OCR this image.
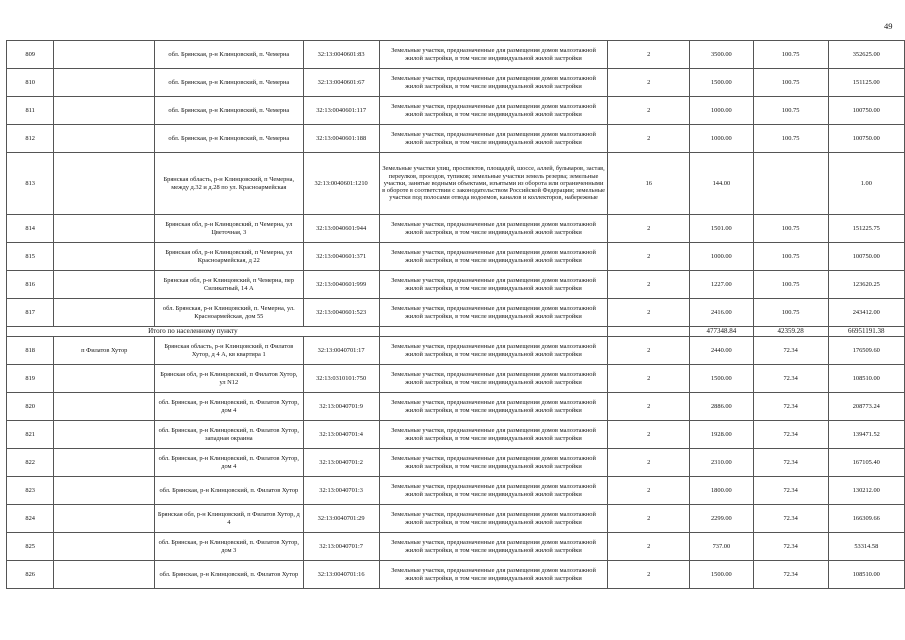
49
809		обл. Брянская, р-н Клинцовский, п. Чемерна	32:13:0040601:83	Земельные участки, предназначенные для размещения домов малоэтажной жилой застройки, в том числе индивидуальной жилой застройки	2	3500.00	100.75	352625.00
810		обл. Брянская, р-н Клинцовский, п. Чемерна	32:13:0040601:67	Земельные участки, предназначенные для размещения домов малоэтажной жилой застройки, в том числе индивидуальной жилой застройки	2	1500.00	100.75	151125.00
811		обл. Брянская, р-н Клинцовский, п. Чемерна	32:13:0040601:117	Земельные участки, предназначенные для размещения домов малоэтажной жилой застройки, в том числе индивидуальной жилой застройки	2	1000.00	100.75	100750.00
812		обл. Брянская, р-н Клинцовский, п. Чемерна	32:13:0040601:188	Земельные участки, предназначенные для размещения домов малоэтажной жилой застройки, в том числе индивидуальной жилой застройки	2	1000.00	100.75	100750.00
813		Брянская область, р-н Клинцовский, п Чемерна, между д.32 и д.28 по ул. Красноармейская	32:13:0040601:1210	Земельные участки улиц, проспектов, площадей, шоссе, аллей, бульваров, застав, переулков, проездов, тупиков; земельные участки земель резерва; земельные участки, занятые водными объектами, изъятыми из оборота или ограниченными в обороте в соответствии с законодательством Российской Федерации; земельные участки под полосами отвода водоемов, каналов и коллекторов, набережные	16	144.00		1.00
814		Брянская обл, р-н Клинцовский, п Чемерна, ул Цветочная, 3	32:13:0040601:944	Земельные участки, предназначенные для размещения домов малоэтажной жилой застройки, в том числе индивидуальной жилой застройки	2	1501.00	100.75	151225.75
815		Брянская обл, р-н Клинцовский, п Чемерна, ул Красноармейская, д 22	32:13:0040601:371	Земельные участки, предназначенные для размещения домов малоэтажной жилой застройки, в том числе индивидуальной жилой застройки	2	1000.00	100.75	100750.00
816		Брянская обл, р-н Клинцовский, п Чемерна, пер Силикатный, 14 А	32:13:0040601:999	Земельные участки, предназначенные для размещения домов малоэтажной жилой застройки, в том числе индивидуальной жилой застройки	2	1227.00	100.75	123620.25
817		обл. Брянская, р-н Клинцовский, п. Чемерна, ул. Красноармейская, дом 55	32:13:0040601:523	Земельные участки, предназначенные для размещения домов малоэтажной жилой застройки, в том числе индивидуальной жилой застройки	2	2416.00	100.75	243412.00
Итого по населенному пункту						477348.84	42359.28	66951191.38
818	п Филатов Хутор	Брянская область, р-н Клинцовский, п Филатов Хутор, д 4 А, кв квартира 1	32:13:0040701:17	Земельные участки, предназначенные для размещения домов малоэтажной жилой застройки, в том числе индивидуальной жилой застройки	2	2440.00	72.34	176509.60
819		Брянская обл, р-н Клинцовский, п Филатов Хутор, ул N12	32:13:0310101:750	Земельные участки, предназначенные для размещения домов малоэтажной жилой застройки, в том числе индивидуальной жилой застройки	2	1500.00	72.34	108510.00
820		обл. Брянская, р-н Клинцовский, п. Филатов Хутор, дом 4	32:13:0040701:9	Земельные участки, предназначенные для размещения домов малоэтажной жилой застройки, в том числе индивидуальной жилой застройки	2	2886.00	72.34	208773.24
821		обл. Брянская, р-н Клинцовский, п. Филатов Хутор, западная окраина	32:13:0040701:4	Земельные участки, предназначенные для размещения домов малоэтажной жилой застройки, в том числе индивидуальной жилой застройки	2	1928.00	72.34	139471.52
822		обл. Брянская, р-н Клинцовский, п. Филатов Хутор, дом 4	32:13:0040701:2	Земельные участки, предназначенные для размещения домов малоэтажной жилой застройки, в том числе индивидуальной жилой застройки	2	2310.00	72.34	167105.40
823		обл. Брянская, р-н Клинцовский, п. Филатов Хутор	32:13:0040701:3	Земельные участки, предназначенные для размещения домов малоэтажной жилой застройки, в том числе индивидуальной жилой застройки	2	1800.00	72.34	130212.00
824		Брянская обл, р-н Клинцовский, п Филатов Хутор, д 4	32:13:0040701:29	Земельные участки, предназначенные для размещения домов малоэтажной жилой застройки, в том числе индивидуальной жилой застройки	2	2299.00	72.34	166309.66
825		обл. Брянская, р-н Клинцовский, п. Филатов Хутор, дом 3	32:13:0040701:7	Земельные участки, предназначенные для размещения домов малоэтажной жилой застройки, в том числе индивидуальной жилой застройки	2	737.00	72.34	53314.58
826		обл. Брянская, р-н Клинцовский, п. Филатов Хутор	32:13:0040701:16	Земельные участки, предназначенные для размещения домов малоэтажной жилой застройки, в том числе индивидуальной жилой застройки	2	1500.00	72.34	108510.00
